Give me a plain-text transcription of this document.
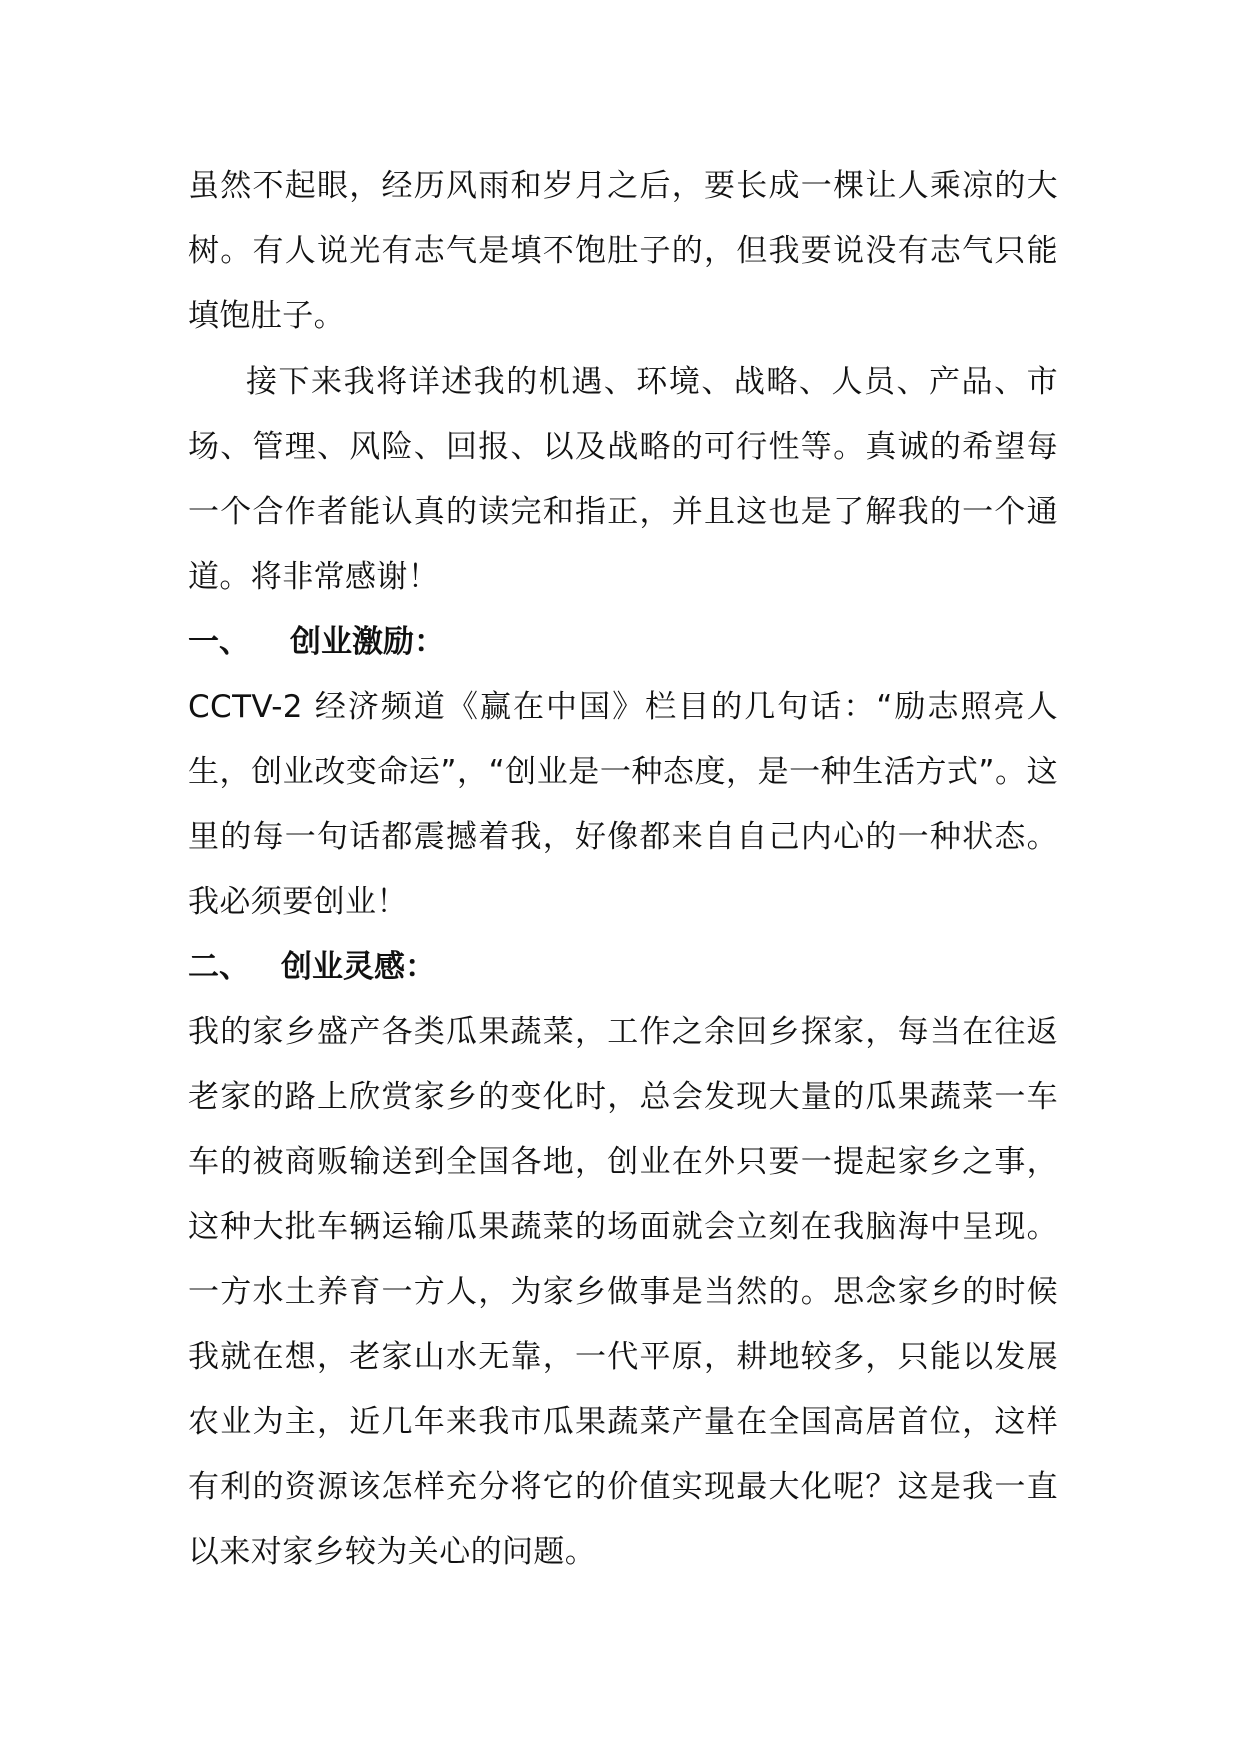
虽然不起眼，经历风雨和岁月之后，要长成一棵让人乘凉的大树。有人说光有志气是填不饱肚子的，但我要说没有志气只能填饱肚子。

接下来我将详述我的机遇、环境、战略、人员、产品、市场、管理、风险、回报、以及战略的可行性等。真诚的希望每一个合作者能认真的读完和指正，并且这也是了解我的一个通道。将非常感谢！

一、 创业激励：

CCTV-2 经济频道《赢在中国》栏目的几句话：“励志照亮人生，创业改变命运”，“创业是一种态度，是一种生活方式”。这里的每一句话都震撼着我，好像都来自自己内心的一种状态。我必须要创业！

二、 创业灵感：

我的家乡盛产各类瓜果蔬菜，工作之余回乡探家，每当在往返老家的路上欣赏家乡的变化时，总会发现大量的瓜果蔬菜一车车的被商贩输送到全国各地，创业在外只要一提起家乡之事，这种大批车辆运输瓜果蔬菜的场面就会立刻在我脑海中呈现。一方水土养育一方人，为家乡做事是当然的。思念家乡的时候我就在想，老家山水无靠，一代平原，耕地较多，只能以发展农业为主，近几年来我市瓜果蔬菜产量在全国高居首位，这样有利的资源该怎样充分将它的价值实现最大化呢？这是我一直以来对家乡较为关心的问题。
